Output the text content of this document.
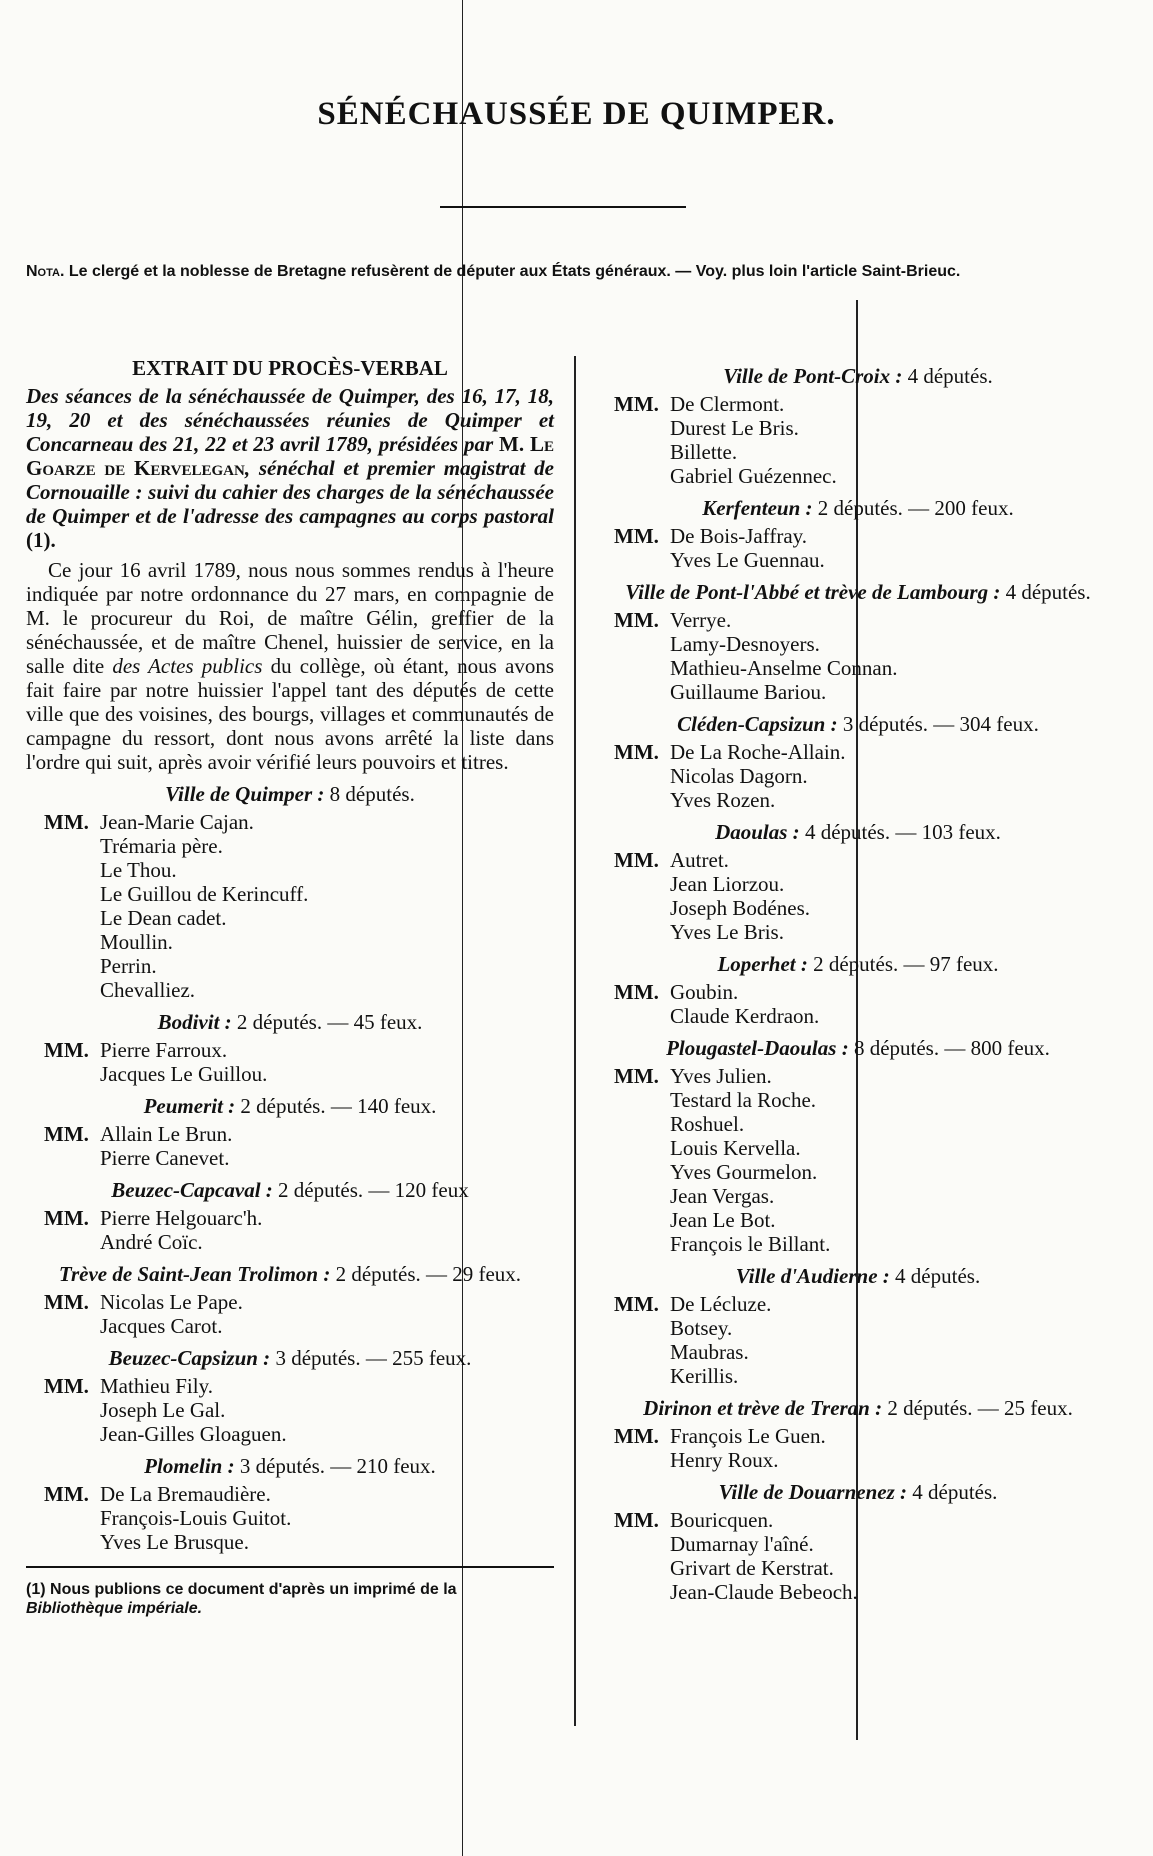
SÉNÉCHAUSSÉE DE QUIMPER.
Nota. Le clergé et la noblesse de Bretagne refusèrent de députer aux États généraux. — Voy. plus loin l'article Saint-Brieuc.
EXTRAIT DU PROCÈS-VERBAL
Des séances de la sénéchaussée de Quimper, des 16, 17, 18, 19, 20 et des sénéchaussées réunies de Quimper et Concarneau des 21, 22 et 23 avril 1789, présidées par M. Le Goarze de Kervelegan, sénéchal et premier magistrat de Cornouaille : suivi du cahier des charges de la sénéchaussée de Quimper et de l'adresse des campagnes au corps pastoral (1).
Ce jour 16 avril 1789, nous nous sommes rendus à l'heure indiquée par notre ordonnance du 27 mars, en compagnie de M. le procureur du Roi, de maître Gélin, greffier de la sénéchaussée, et de maître Chenel, huissier de service, en la salle dite des Actes publics du collège, où étant, nous avons fait faire par notre huissier l'appel tant des députés de cette ville que des voisines, des bourgs, villages et communautés de campagne du ressort, dont nous avons arrêté la liste dans l'ordre qui suit, après avoir vérifié leurs pouvoirs et titres.
Ville de Quimper : 8 députés.
MM. Jean-Marie Cajan.
Trémaria père.
Le Thou.
Le Guillou de Kerincuff.
Le Dean cadet.
Moullin.
Perrin.
Chevalliez.
Bodivit : 2 députés. — 45 feux.
MM. Pierre Farroux.
Jacques Le Guillou.
Peumerit : 2 députés. — 140 feux.
MM. Allain Le Brun.
Pierre Canevet.
Beuzec-Capcaval : 2 députés. — 120 feux
MM. Pierre Helgouarc'h.
André Coïc.
Trève de Saint-Jean Trolimon : 2 députés. — 29 feux.
MM. Nicolas Le Pape.
Jacques Carot.
Beuzec-Capsizun : 3 députés. — 255 feux.
MM. Mathieu Fily.
Joseph Le Gal.
Jean-Gilles Gloaguen.
Plomelin : 3 députés. — 210 feux.
MM. De La Bremaudière.
François-Louis Guitot.
Yves Le Brusque.
(1) Nous publions ce document d'après un imprimé de la Bibliothèque impériale.
Ville de Pont-Croix : 4 députés.
MM. De Clermont.
Durest Le Bris.
Billette.
Gabriel Guézennec.
Kerfenteun : 2 députés. — 200 feux.
MM. De Bois-Jaffray.
Yves Le Guennau.
Ville de Pont-l'Abbé et trève de Lambourg : 4 députés.
MM. Verrye.
Lamy-Desnoyers.
Mathieu-Anselme Connan.
Guillaume Bariou.
Cléden-Capsizun : 3 députés. — 304 feux.
MM. De La Roche-Allain.
Nicolas Dagorn.
Yves Rozen.
Daoulas : 4 députés. — 103 feux.
MM. Autret.
Jean Liorzou.
Joseph Bodénes.
Yves Le Bris.
Loperhet : 2 députés. — 97 feux.
MM. Goubin.
Claude Kerdraon.
Plougastel-Daoulas : 8 députés. — 800 feux.
MM. Yves Julien.
Testard la Roche.
Roshuel.
Louis Kervella.
Yves Gourmelon.
Jean Vergas.
Jean Le Bot.
François le Billant.
Ville d'Audierne : 4 députés.
MM. De Lécluze.
Botsey.
Maubras.
Kerillis.
Dirinon et trève de Treran : 2 députés. — 25 feux.
MM. François Le Guen.
Henry Roux.
Ville de Douarnenez : 4 députés.
MM. Bouricquen.
Dumarnay l'aîné.
Grivart de Kerstrat.
Jean-Claude Bebeoch.
